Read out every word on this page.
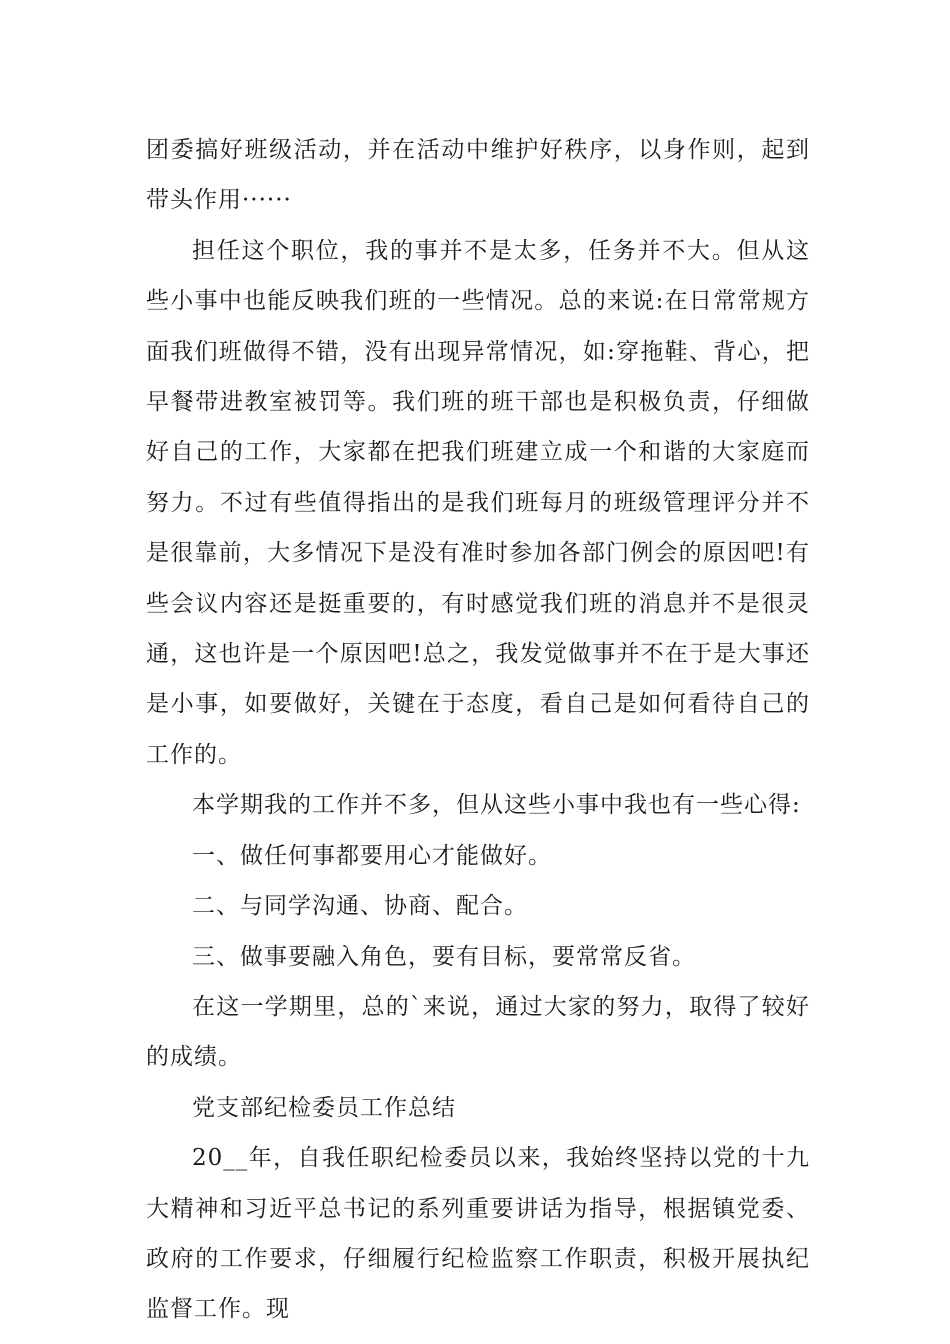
团委搞好班级活动，并在活动中维护好秩序，以身作则，起到带头作用······

担任这个职位，我的事并不是太多，任务并不大。但从这些小事中也能反映我们班的一些情况。总的来说:在日常常规方面我们班做得不错，没有出现异常情况，如:穿拖鞋、背心，把早餐带进教室被罚等。我们班的班干部也是积极负责，仔细做好自己的工作，大家都在把我们班建立成一个和谐的大家庭而努力。不过有些值得指出的是我们班每月的班级管理评分并不是很靠前，大多情况下是没有准时参加各部门例会的原因吧!有些会议内容还是挺重要的，有时感觉我们班的消息并不是很灵通，这也许是一个原因吧!总之，我发觉做事并不在于是大事还是小事，如要做好，关键在于态度，看自己是如何看待自己的工作的。

本学期我的工作并不多，但从这些小事中我也有一些心得:

一、做任何事都要用心才能做好。

二、与同学沟通、协商、配合。

三、做事要融入角色，要有目标，要常常反省。

在这一学期里，总的`来说，通过大家的努力，取得了较好的成绩。

党支部纪检委员工作总结

20__年，自我任职纪检委员以来，我始终坚持以党的十九大精神和习近平总书记的系列重要讲话为指导，根据镇党委、政府的工作要求，仔细履行纪检监察工作职责，积极开展执纪监督工作。现
